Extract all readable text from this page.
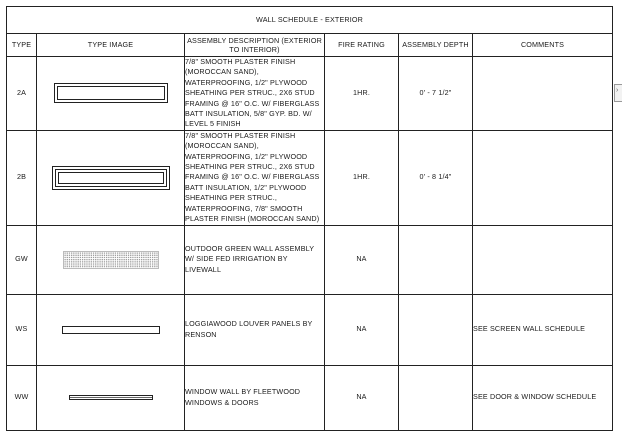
WALL SCHEDULE - EXTERIOR					
TYPE	TYPE IMAGE	ASSEMBLY DESCRIPTION (EXTERIOR TO INTERIOR)	FIRE RATING	ASSEMBLY DEPTH	COMMENTS
2A		7/8" SMOOTH PLASTER FINISH (MOROCCAN SAND), WATERPROOFING, 1/2" PLYWOOD SHEATHING PER STRUC., 2X6 STUD FRAMING @ 16" O.C. W/ FIBERGLASS BATT INSULATION, 5/8" GYP. BD. W/ LEVEL 5 FINISH	1HR.	0' - 7 1/2"	
2B		7/8" SMOOTH PLASTER FINISH (MOROCCAN SAND), WATERPROOFING, 1/2" PLYWOOD SHEATHING PER STRUC., 2X6 STUD FRAMING @ 16" O.C. W/ FIBERGLASS BATT INSULATION, 1/2" PLYWOOD SHEATHING PER STRUC., WATERPROOFING, 7/8" SMOOTH PLASTER FINISH (MOROCCAN SAND)	1HR.	0' - 8 1/4"	
GW		OUTDOOR GREEN WALL ASSEMBLY W/ SIDE FED IRRIGATION BY LIVEWALL	NA		
WS		LOGGIAWOOD LOUVER PANELS BY RENSON	NA		SEE SCREEN WALL SCHEDULE
WW		WINDOW WALL BY FLEETWOOD WINDOWS & DOORS	NA		SEE DOOR & WINDOW SCHEDULE
›
